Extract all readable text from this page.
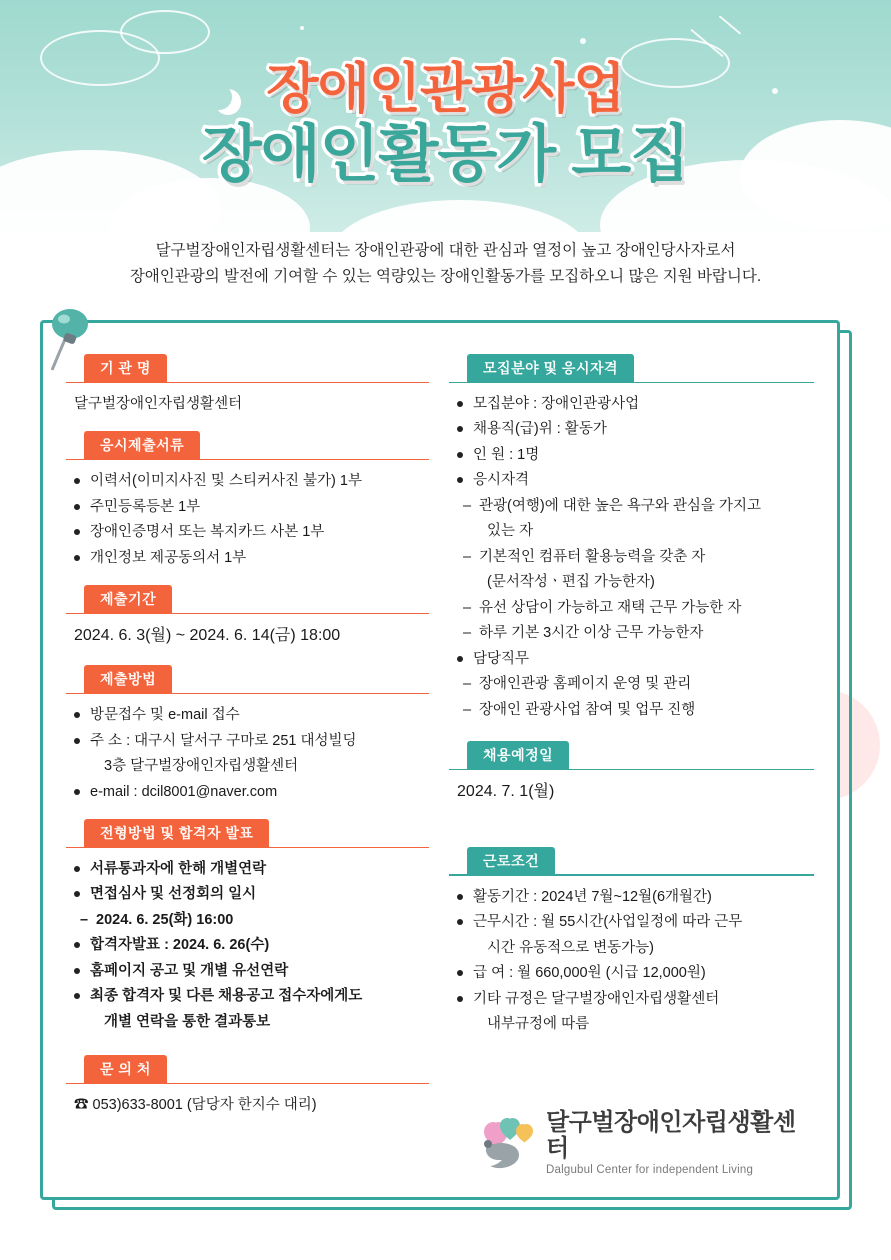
장애인관광사업
장애인활동가 모집
달구벌장애인자립생활센터는 장애인관광에 대한 관심과 열정이 높고 장애인당사자로서
장애인관광의 발전에 기여할 수 있는 역량있는 장애인활동가를 모집하오니 많은 지원 바랍니다.
기 관 명
달구벌장애인자립생활센터
응시제출서류
이력서(이미지사진 및 스티커사진 불가) 1부
주민등록등본 1부
장애인증명서 또는 복지카드 사본 1부
개인정보 제공동의서 1부
제출기간
2024. 6. 3(월) ~ 2024. 6. 14(금) 18:00
제출방법
방문접수 및 e-mail 접수
주 소 : 대구시 달서구 구마로 251 대성빌딩
3층 달구벌장애인자립생활센터
e-mail : dcil8001@naver.com
전형방법 및 합격자 발표
서류통과자에 한해 개별연락
면접심사 및 선정회의 일시
– 2024. 6. 25(화) 16:00
합격자발표 : 2024. 6. 26(수)
홈페이지 공고 및 개별 유선연락
최종 합격자 및 다른 채용공고 접수자에게도
개별 연락을 통한 결과통보
문 의 처
☎ 053)633-8001 (담당자 한지수 대리)
모집분야 및 응시자격
모집분야 : 장애인관광사업
채용직(급)위 : 활동가
인 원 : 1명
응시자격
– 관광(여행)에 대한 높은 욕구와 관심을 가지고
있는 자
– 기본적인 컴퓨터 활용능력을 갖춘 자
(문서작성ㆍ편집 가능한자)
– 유선 상담이 가능하고 재택 근무 가능한 자
– 하루 기본 3시간 이상 근무 가능한자
담당직무
– 장애인관광 홈페이지 운영 및 관리
– 장애인 관광사업 참여 및 업무 진행
채용예정일
2024. 7. 1(월)
근로조건
활동기간 : 2024년 7월~12월(6개월간)
근무시간 : 월 55시간(사업일정에 따라 근무
시간 유동적으로 변동가능)
급 여 : 월 660,000원 (시급 12,000원)
기타 규정은 달구벌장애인자립생활센터
내부규정에 따름
달구벌장애인자립생활센터
Dalgubul Center for independent Living
